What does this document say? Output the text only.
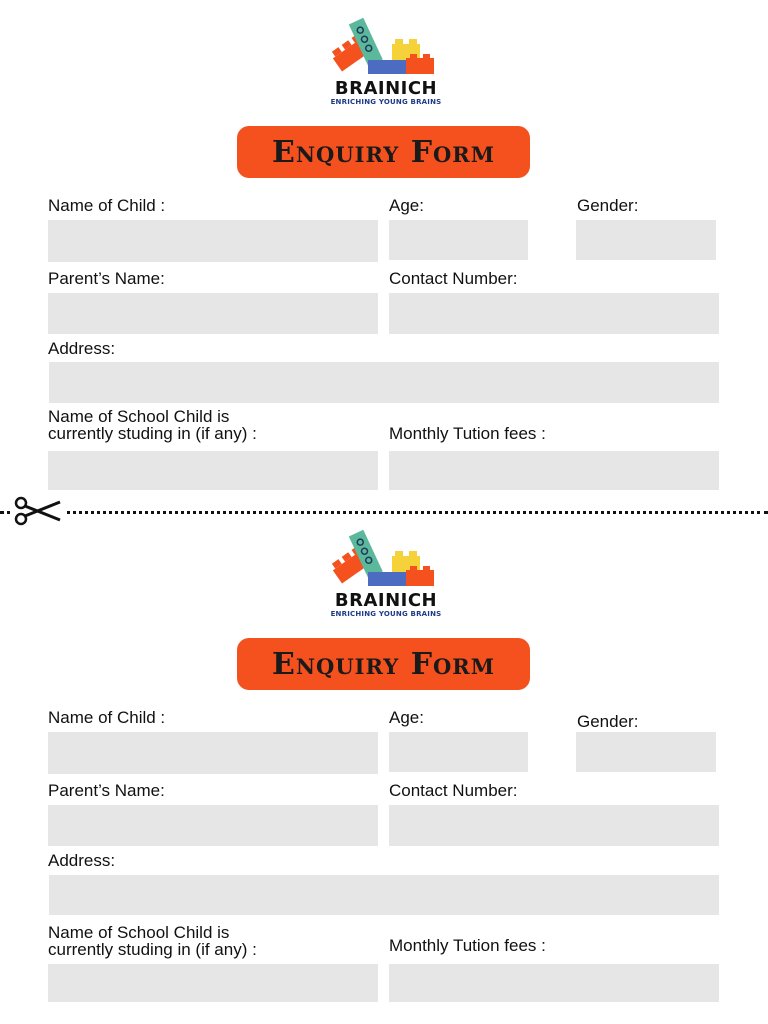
BRAINICH
ENRICHING YOUNG BRAINS
Enquiry Form
Name of Child :	Age:	Gender:
Parent’s Name:	Contact Number:
Address:
Name of School Child is
currently studing in (if any) :	Monthly Tution fees :
BRAINICH
ENRICHING YOUNG BRAINS
Enquiry Form
Name of Child :	Age:	Gender:
Parent’s Name:	Contact Number:
Address:
Name of School Child is
currently studing in (if any) :	Monthly Tution fees :
